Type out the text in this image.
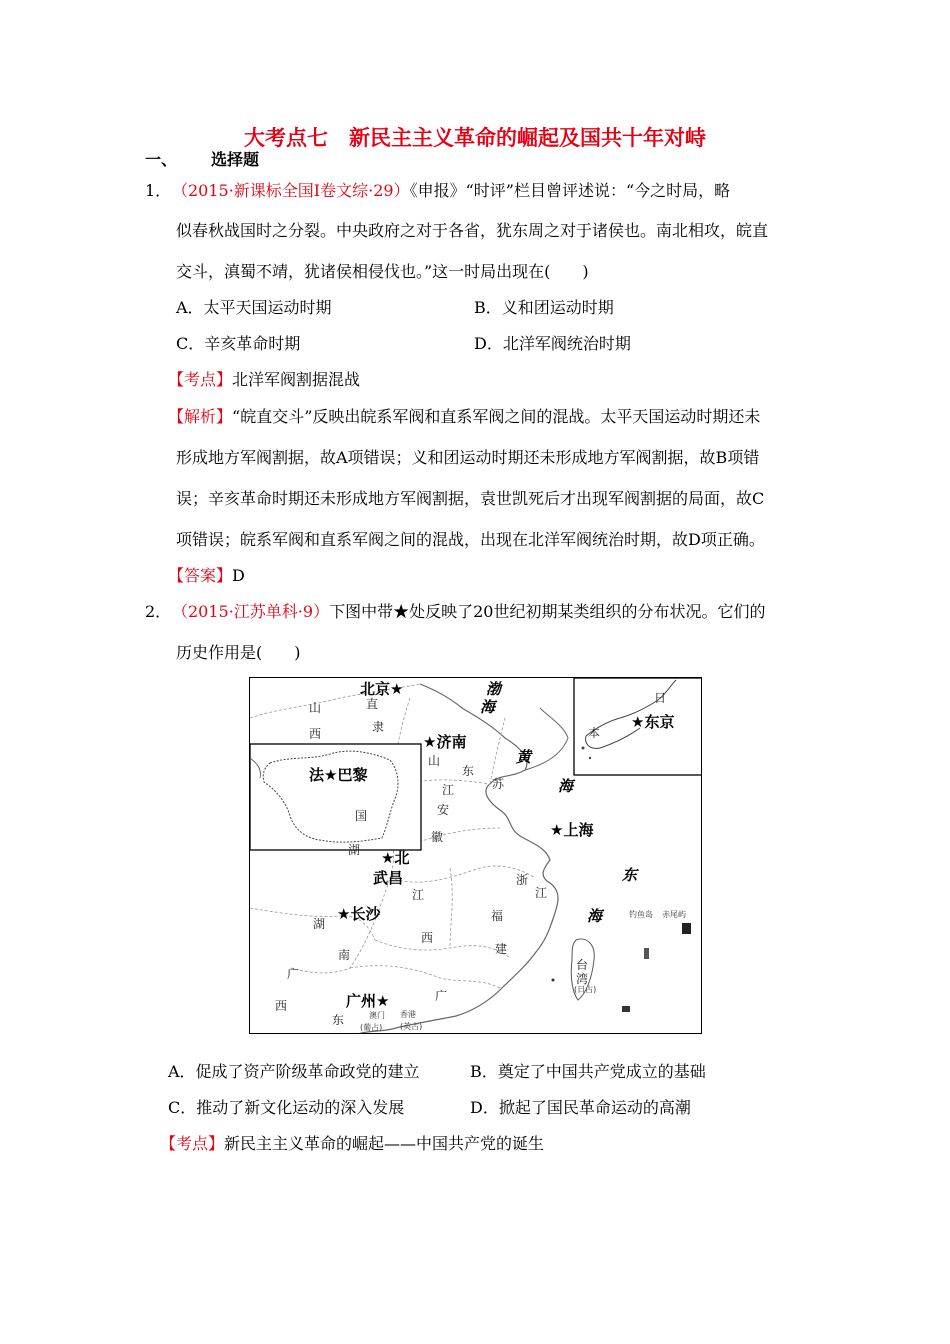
大考点七　新民主主义革命的崛起及国共十年对峙
一、 选择题
1． （2015·新课标全国Ⅰ卷文综·29）《申报》“时评”栏目曾评述说：“今之时局，略
似春秋战国时之分裂。中央政府之对于各省，犹东周之对于诸侯也。南北相攻，皖直
交斗，滇蜀不靖，犹诸侯相侵伐也。”这一时局出现在(　　)
A．太平天国运动时期	B．义和团运动时期
C．辛亥革命时期	D．北洋军阀统治时期
【考点】北洋军阀割据混战
【解析】“皖直交斗”反映出皖系军阀和直系军阀之间的混战。太平天国运动时期还未
形成地方军阀割据，故A项错误；义和团运动时期还未形成地方军阀割据，故B项错
误；辛亥革命时期还未形成地方军阀割据，袁世凯死后才出现军阀割据的局面，故C
项错误；皖系军阀和直系军阀之间的混战，出现在北洋军阀统治时期，故D项正确。
【答案】D
2． （2015·江苏单科·9）下图中带★处反映了20世纪初期某类组织的分布状况。它们的
历史作用是(　　)
北京★
★济南
法★巴黎
★上海
★东京
★北
武昌
★长沙
广州★
渤
海
黄
海
东
海
山
西
直
隶
山
东
江	苏
安
徽
湖
湖
南
江
西
浙
江
福
建
广
西
广
东
日
本
国
台
湾
钓鱼岛 赤尾屿
(日占)
澳门 香港
(葡占) (英占)
A．促成了资产阶级革命政党的建立	B．奠定了中国共产党成立的基础
C．推动了新文化运动的深入发展	D．掀起了国民革命运动的高潮
【考点】新民主主义革命的崛起——中国共产党的诞生
